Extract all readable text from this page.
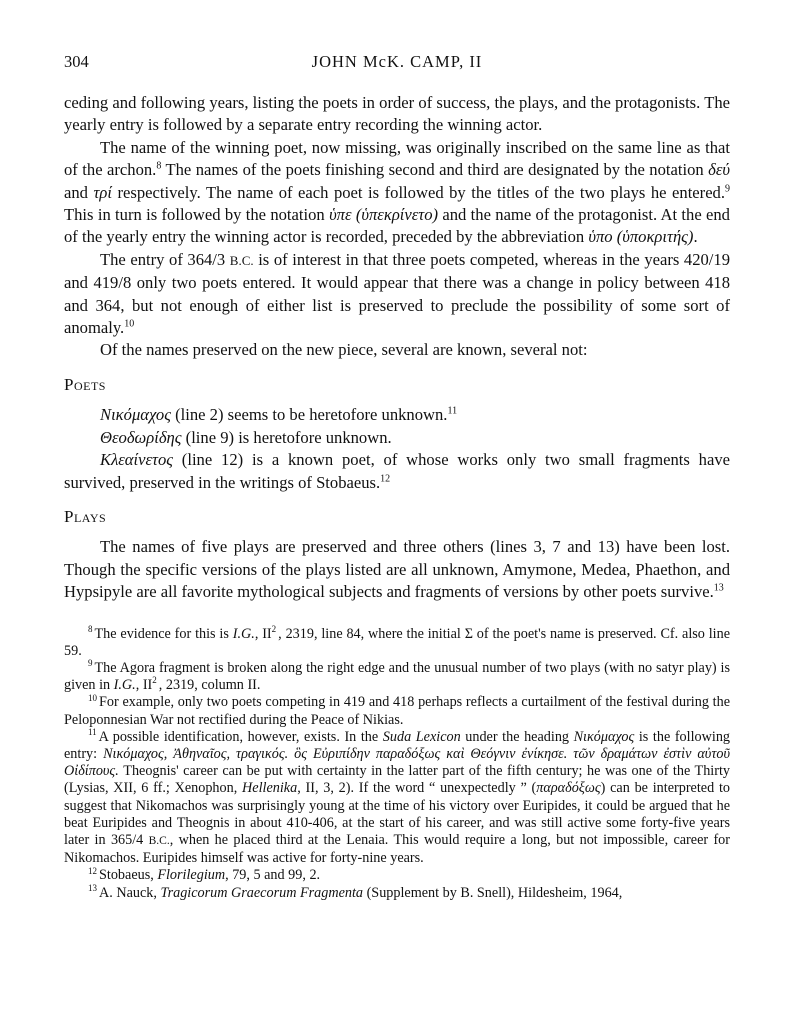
JOHN McK. CAMP, II
304

ceding and following years, listing the poets in order of success, the plays, and the protagonists. The yearly entry is followed by a separate entry recording the winning actor.

The name of the winning poet, now missing, was originally inscribed on the same line as that of the archon.$^8$ The names of the poets finishing second and third are designated by the notation δεύ and τρί respectively. The name of each poet is followed by the titles of the two plays he entered.$^9$ This in turn is followed by the notation ὑπε (ὑπεκρίνετο) and the name of the protagonist. At the end of the yearly entry the winning actor is recorded, preceded by the abbreviation ὑπο (ὑποκριτής).

The entry of 364/3 B.C. is of interest in that three poets competed, whereas in the years 420/19 and 419/8 only two poets entered. It would appear that there was a change in policy between 418 and 364, but not enough of either list is preserved to preclude the possibility of some sort of anomaly.$^{10}$

Of the names preserved on the new piece, several are known, several not:

Poets

Νικόμαχος (line 2) seems to be heretofore unknown.$^{11}$

Θεοδωρίδης (line 9) is heretofore unknown.

Κλεαίνετος (line 12) is a known poet, of whose works only two small fragments have survived, preserved in the writings of Stobaeus.$^{12}$

Plays

The names of five plays are preserved and three others (lines 3, 7 and 13) have been lost. Though the specific versions of the plays listed are all unknown, Amymone, Medea, Phaethon, and Hypsipyle are all favorite mythological subjects and fragments of versions by other poets survive.$^{13}$

$^8$ The evidence for this is I.G., II$^2$ , 2319, line 84, where the initial Σ of the poet's name is preserved. Cf. also line 59.

$^9$ The Agora fragment is broken along the right edge and the unusual number of two plays (with no satyr play) is given in I.G., II$^2$ , 2319, column II.

$^{10}$ For example, only two poets competing in 419 and 418 perhaps reflects a curtailment of the festival during the Peloponnesian War not rectified during the Peace of Nikias.

$^{11}$ A possible identification, however, exists. In the Suda Lexicon under the heading Νικόμαχος is the following entry: Νικόμαχος, Ἀθηναῖος, τραγικός. ὃς Εὐριπίδην παραδόξως καὶ Θεόγνιν ἐνίκησε. τῶν δραμάτων ἐστὶν αὐτοῦ Οἰδίπους. Theognis' career can be put with certainty in the latter part of the fifth century; he was one of the Thirty (Lysias, XII, 6 ff.; Xenophon, Hellenika, II, 3, 2). If the word “ unexpectedly ” (παραδόξως) can be interpreted to suggest that Nikomachos was surprisingly young at the time of his victory over Euripides, it could be argued that he beat Euripides and Theognis in about 410-406, at the start of his career, and was still active some forty-five years later in 365/4 B.C., when he placed third at the Lenaia. This would require a long, but not impossible, career for Nikomachos. Euripides himself was active for forty-nine years.

$^{12}$ Stobaeus, Florilegium, 79, 5 and 99, 2.

$^{13}$ A. Nauck, Tragicorum Graecorum Fragmenta (Supplement by B. Snell), Hildesheim, 1964,
